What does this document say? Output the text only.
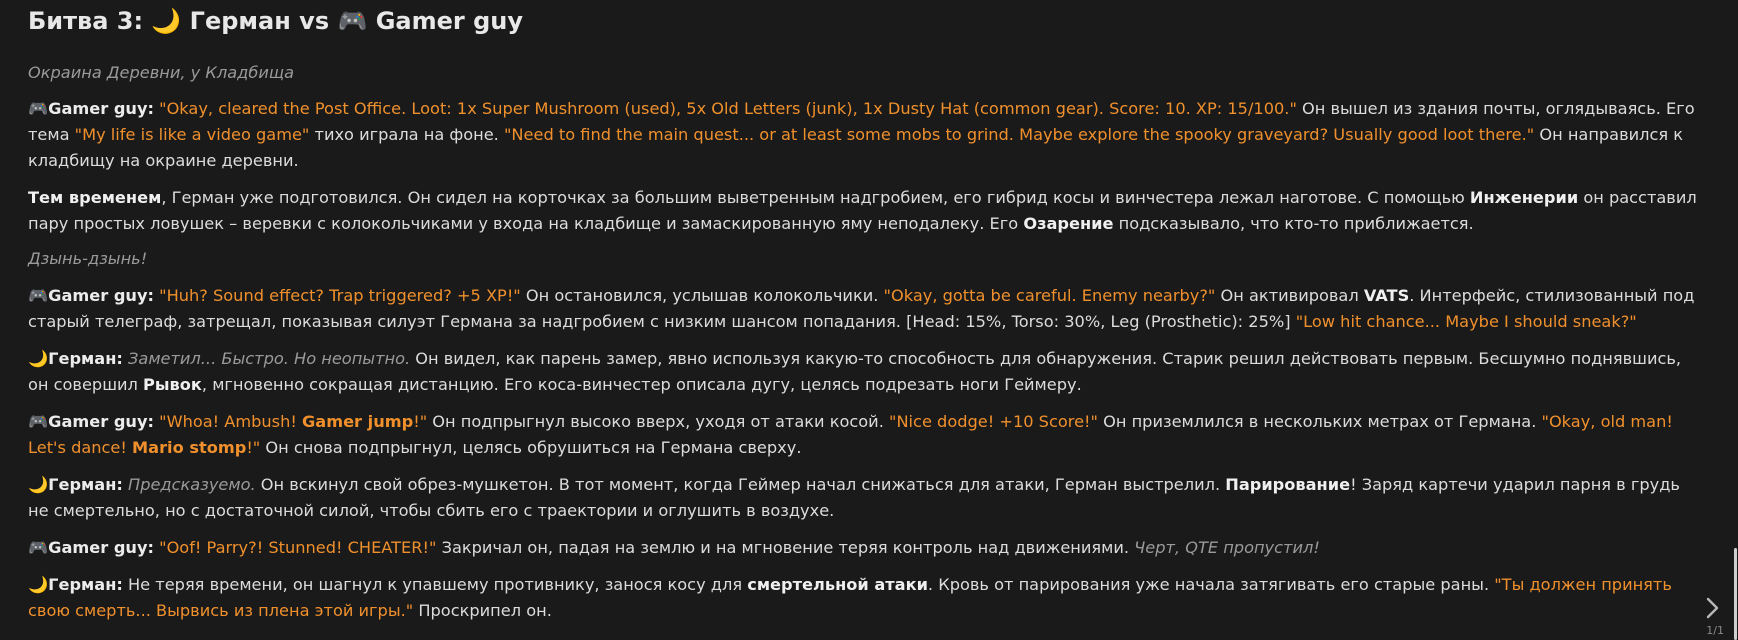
Битва 3: 🌙 Герман vs 🎮 Gamer guy

Окраина Деревни, у Кладбища

🎮Gamer guy: "Okay, cleared the Post Office. Loot: 1x Super Mushroom (used), 5x Old Letters (junk), 1x Dusty Hat (common gear). Score: 10. XP: 15/100." Он вышел из здания почты, оглядываясь. Его тема "My life is like a video game" тихо играла на фоне. "Need to find the main quest... or at least some mobs to grind. Maybe explore the spooky graveyard? Usually good loot there." Он направился к кладбищу на окраине деревни.

Тем временем, Герман уже подготовился. Он сидел на корточках за большим выветренным надгробием, его гибрид косы и винчестера лежал наготове. С помощью Инженерии он расставил пару простых ловушек – веревки с колокольчиками у входа на кладбище и замаскированную яму неподалеку. Его Озарение подсказывало, что кто-то приближается.

Дзынь-дзынь!

🎮Gamer guy: "Huh? Sound effect? Trap triggered? +5 XP!" Он остановился, услышав колокольчики. "Okay, gotta be careful. Enemy nearby?" Он активировал VATS. Интерфейс, стилизованный под старый телеграф, затрещал, показывая силуэт Германа за надгробием с низким шансом попадания. [Head: 15%, Torso: 30%, Leg (Prosthetic): 25%] "Low hit chance... Maybe I should sneak?"

🌙Герман: Заметил... Быстро. Но неопытно. Он видел, как парень замер, явно используя какую-то способность для обнаружения. Старик решил действовать первым. Бесшумно поднявшись, он совершил Рывок, мгновенно сокращая дистанцию. Его коса-винчестер описала дугу, целясь подрезать ноги Геймеру.

🎮Gamer guy: "Whoa! Ambush! Gamer jump!" Он подпрыгнул высоко вверх, уходя от атаки косой. "Nice dodge! +10 Score!" Он приземлился в нескольких метрах от Германа. "Okay, old man! Let's dance! Mario stomp!" Он снова подпрыгнул, целясь обрушиться на Германа сверху.

🌙Герман: Предсказуемо. Он вскинул свой обрез-мушкетон. В тот момент, когда Геймер начал снижаться для атаки, Герман выстрелил. Парирование! Заряд картечи ударил парня в грудь не смертельно, но с достаточной силой, чтобы сбить его с траектории и оглушить в воздухе.

🎮Gamer guy: "Oof! Parry?! Stunned! CHEATER!" Закричал он, падая на землю и на мгновение теряя контроль над движениями. Черт, QTE пропустил!

🌙Герман: Не теряя времени, он шагнул к упавшему противнику, занося косу для смертельной атаки. Кровь от парирования уже начала затягивать его старые раны. "Ты должен принять свою смерть... Вырвись из плена этой игры." Проскрипел он.

1/1
